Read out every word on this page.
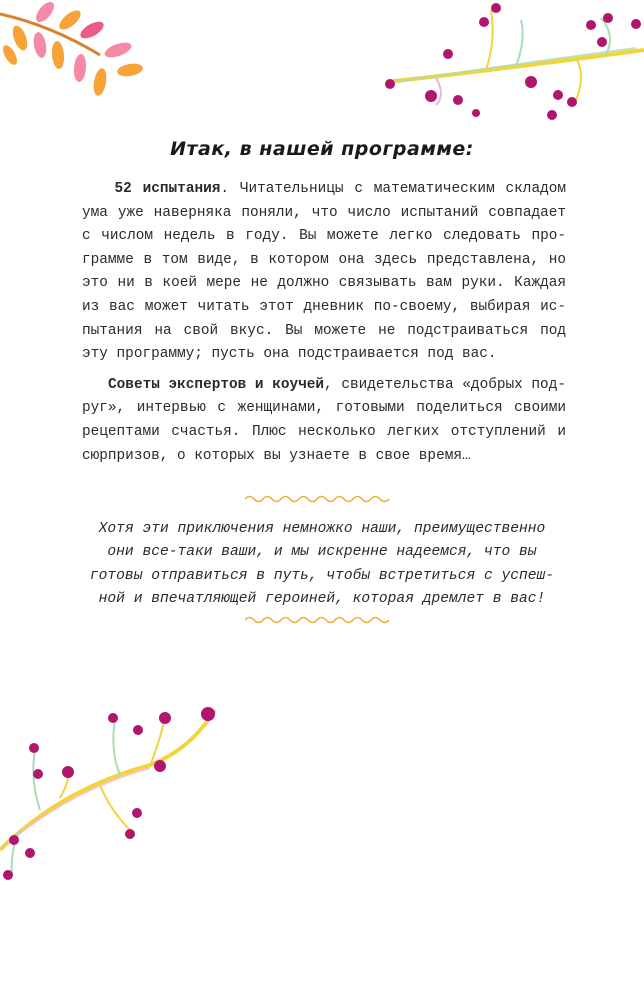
Итак, в нашей программе:

52 испытания. Читательницы с математическим складом
ума уже наверняка поняли, что число испытаний совпадает
с числом недель в году. Вы можете легко следовать про-
грамме в том виде, в котором она здесь представлена, но
это ни в коей мере не должно связывать вам руки. Каждая
из вас может читать этот дневник по-своему, выбирая ис-
пытания на свой вкус. Вы можете не подстраиваться под
эту программу; пусть она подстраивается под вас.

Советы экспертов и коучей, свидетельства «добрых под-
руг», интервью с женщинами, готовыми поделиться своими
рецептами счастья. Плюс несколько легких отступлений и
сюрпризов, о которых вы узнаете в свое время…

Хотя эти приключения немножко наши, преимущественно
они все-таки ваши, и мы искренне надеемся, что вы
готовы отправиться в путь, чтобы встретиться с успеш-
ной и впечатляющей героиней, которая дремлет в вас!
